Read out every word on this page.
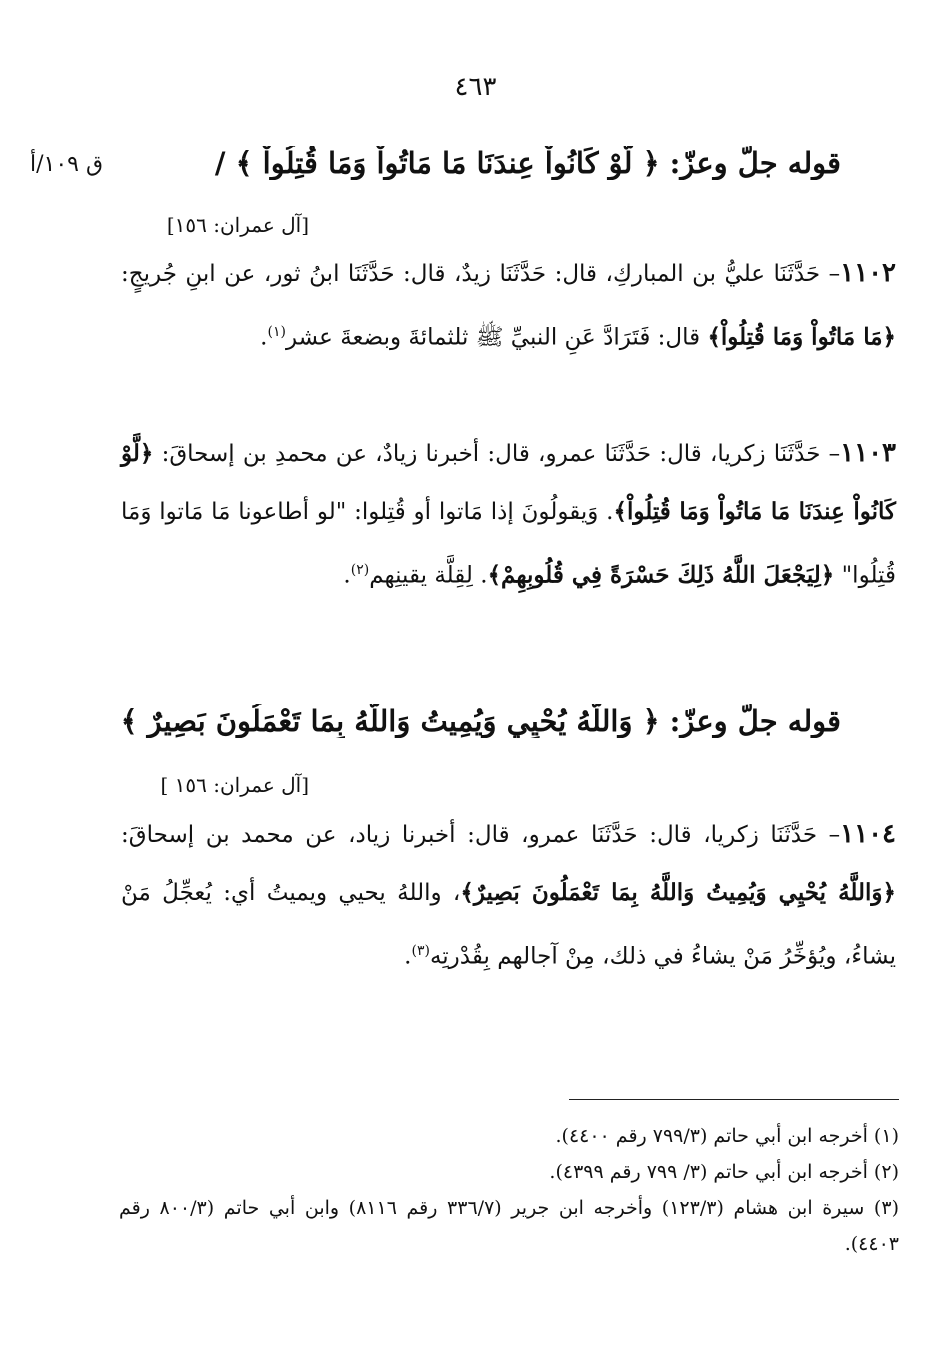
٤٦٣
ق ١٠٩/أ	قوله جلّ وعزّ: ﴿ لَّوْ كَانُواْ عِندَنَا مَا مَاتُواْ وَمَا قُتِلُواْ ﴾ /
[آل عمران: ١٥٦]
١١٠٢– حَدَّثَنَا عليُّ بن المباركِ، قال: حَدَّثَنَا زيدٌ، قال: حَدَّثَنَا ابنُ ثور، عن ابنِ جُريجٍ: ﴿مَا مَاتُواْ وَمَا قُتِلُواْ﴾ قال: فَتَرَادَّ عَنِ النبيِّ ﷺ ثلثمائةَ وبضعةَ عشر$^{(١)}$.
١١٠٣– حَدَّثَنَا زكريا، قال: حَدَّثَنَا عمرو، قال: أخبرنا زيادٌ، عن محمدِ بن إسحاقَ: ﴿لَّوْ كَانُواْ عِندَنَا مَا مَاتُواْ وَمَا قُتِلُواْ﴾. وَيقولُونَ إذا مَاتوا أو قُتِلوا: "لو أطاعونا مَا مَاتوا وَمَا قُتِلُوا" ﴿لِيَجْعَلَ اللَّهُ ذَلِكَ حَسْرَةً فِي قُلُوبِهِمْ﴾. لِقِلَّة يقينِهم$^{(٢)}$.
قوله جلّ وعزّ: ﴿ وَاللَّهُ يُحْيِي وَيُمِيتُ وَاللَّهُ بِمَا تَعْمَلُونَ بَصِيرٌ ﴾
[آل عمران: ١٥٦ ]
١١٠٤– حَدَّثَنَا زكريا، قال: حَدَّثَنَا عمرو، قال: أخبرنا زياد، عن محمد بن إسحاقَ: ﴿وَاللَّهُ يُحْيِي وَيُمِيتُ وَاللَّهُ بِمَا تَعْمَلُونَ بَصِيرٌ﴾، واللهُ يحيي ويميتُ أي: يُعجِّلُ مَنْ يشاءُ، ويُؤخِّرُ مَنْ يشاءُ في ذلك، مِنْ آجالهم بِقُدْرتِه$^{(٣)}$.
(١) أخرجه ابن أبي حاتم (٧٩٩/٣ رقم ٤٤٠٠).
(٢) أخرجه ابن أبي حاتم (٣/ ٧٩٩ رقم ٤٣٩٩).
(٣) سيرة ابن هشام (١٢٣/٣) وأخرجه ابن جرير (٣٣٦/٧ رقم ٨١١٦) وابن أبي حاتم (٨٠٠/٣ رقم ٤٤٠٣).
